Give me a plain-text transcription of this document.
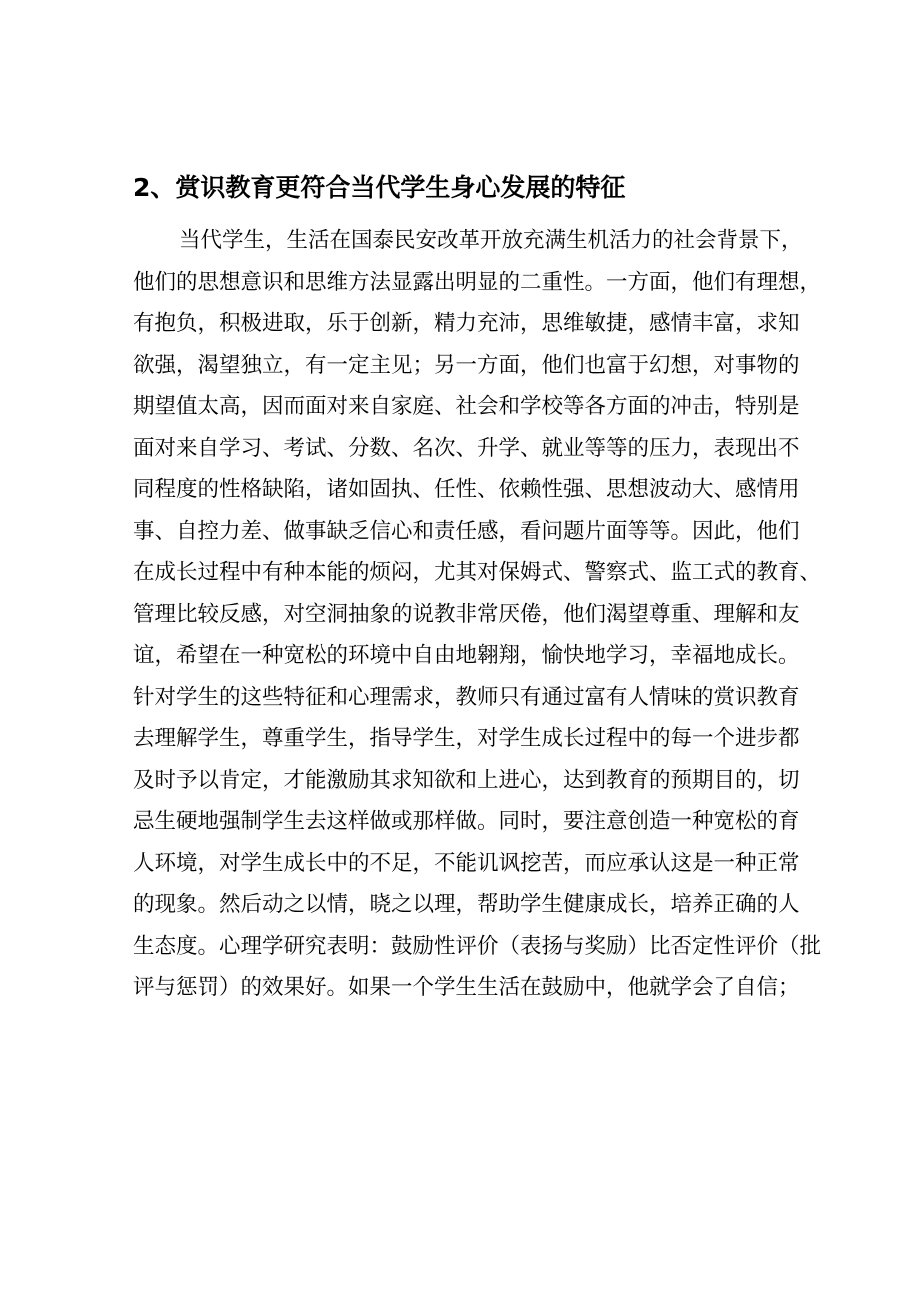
2、赏识教育更符合当代学生身心发展的特征
当代学生，生活在国泰民安改革开放充满生机活力的社会背景下，
他们的思想意识和思维方法显露出明显的二重性。一方面，他们有理想，
有抱负，积极进取，乐于创新，精力充沛，思维敏捷，感情丰富，求知
欲强，渴望独立，有一定主见；另一方面，他们也富于幻想，对事物的
期望值太高，因而面对来自家庭、社会和学校等各方面的冲击，特别是
面对来自学习、考试、分数、名次、升学、就业等等的压力，表现出不
同程度的性格缺陷，诸如固执、任性、依赖性强、思想波动大、感情用
事、自控力差、做事缺乏信心和责任感，看问题片面等等。因此，他们
在成长过程中有种本能的烦闷，尤其对保姆式、警察式、监工式的教育、
管理比较反感，对空洞抽象的说教非常厌倦，他们渴望尊重、理解和友
谊，希望在一种宽松的环境中自由地翱翔，愉快地学习，幸福地成长。
针对学生的这些特征和心理需求，教师只有通过富有人情味的赏识教育
去理解学生，尊重学生，指导学生，对学生成长过程中的每一个进步都
及时予以肯定，才能激励其求知欲和上进心，达到教育的预期目的，切
忌生硬地强制学生去这样做或那样做。同时，要注意创造一种宽松的育
人环境，对学生成长中的不足，不能讥讽挖苦，而应承认这是一种正常
的现象。然后动之以情，晓之以理，帮助学生健康成长，培养正确的人
生态度。心理学研究表明：鼓励性评价（表扬与奖励）比否定性评价（批
评与惩罚）的效果好。如果一个学生生活在鼓励中，他就学会了自信；
